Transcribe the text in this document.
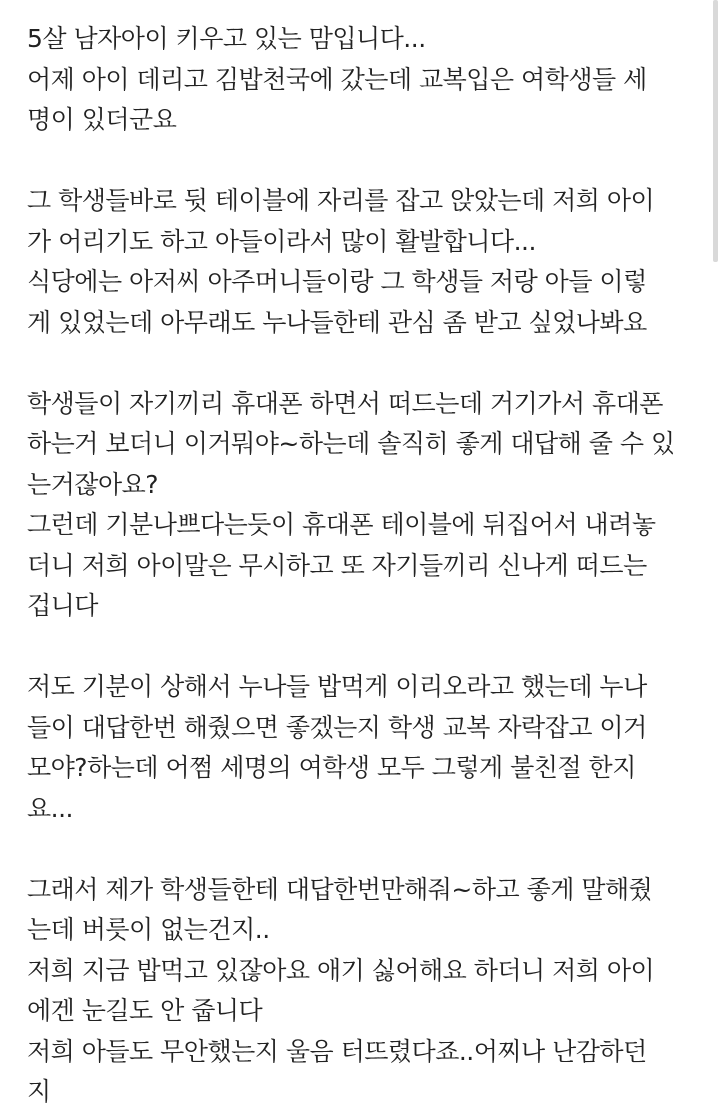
5살 남자아이 키우고 있는 맘입니다...
어제 아이 데리고 김밥천국에 갔는데 교복입은 여학생들 세
명이 있더군요
그 학생들바로 뒷 테이블에 자리를 잡고 앉았는데 저희 아이
가 어리기도 하고 아들이라서 많이 활발합니다...
식당에는 아저씨 아주머니들이랑 그 학생들 저랑 아들 이렇
게 있었는데 아무래도 누나들한테 관심 좀 받고 싶었나봐요
학생들이 자기끼리 휴대폰 하면서 떠드는데 거기가서 휴대폰
하는거 보더니 이거뭐야~하는데 솔직히 좋게 대답해 줄 수 있
는거잖아요?
그런데 기분나쁘다는듯이 휴대폰 테이블에 뒤집어서 내려놓
더니 저희 아이말은 무시하고 또 자기들끼리 신나게 떠드는
겁니다
저도 기분이 상해서 누나들 밥먹게 이리오라고 했는데 누나
들이 대답한번 해줬으면 좋겠는지 학생 교복 자락잡고 이거
모야?하는데 어쩜 세명의 여학생 모두 그렇게 불친절 한지
요...
그래서 제가 학생들한테 대답한번만해줘~하고 좋게 말해줬
는데 버릇이 없는건지..
저희 지금 밥먹고 있잖아요 애기 싫어해요 하더니 저희 아이
에겐 눈길도 안 줍니다
저희 아들도 무안했는지 울음 터뜨렸다죠..어찌나 난감하던
지
